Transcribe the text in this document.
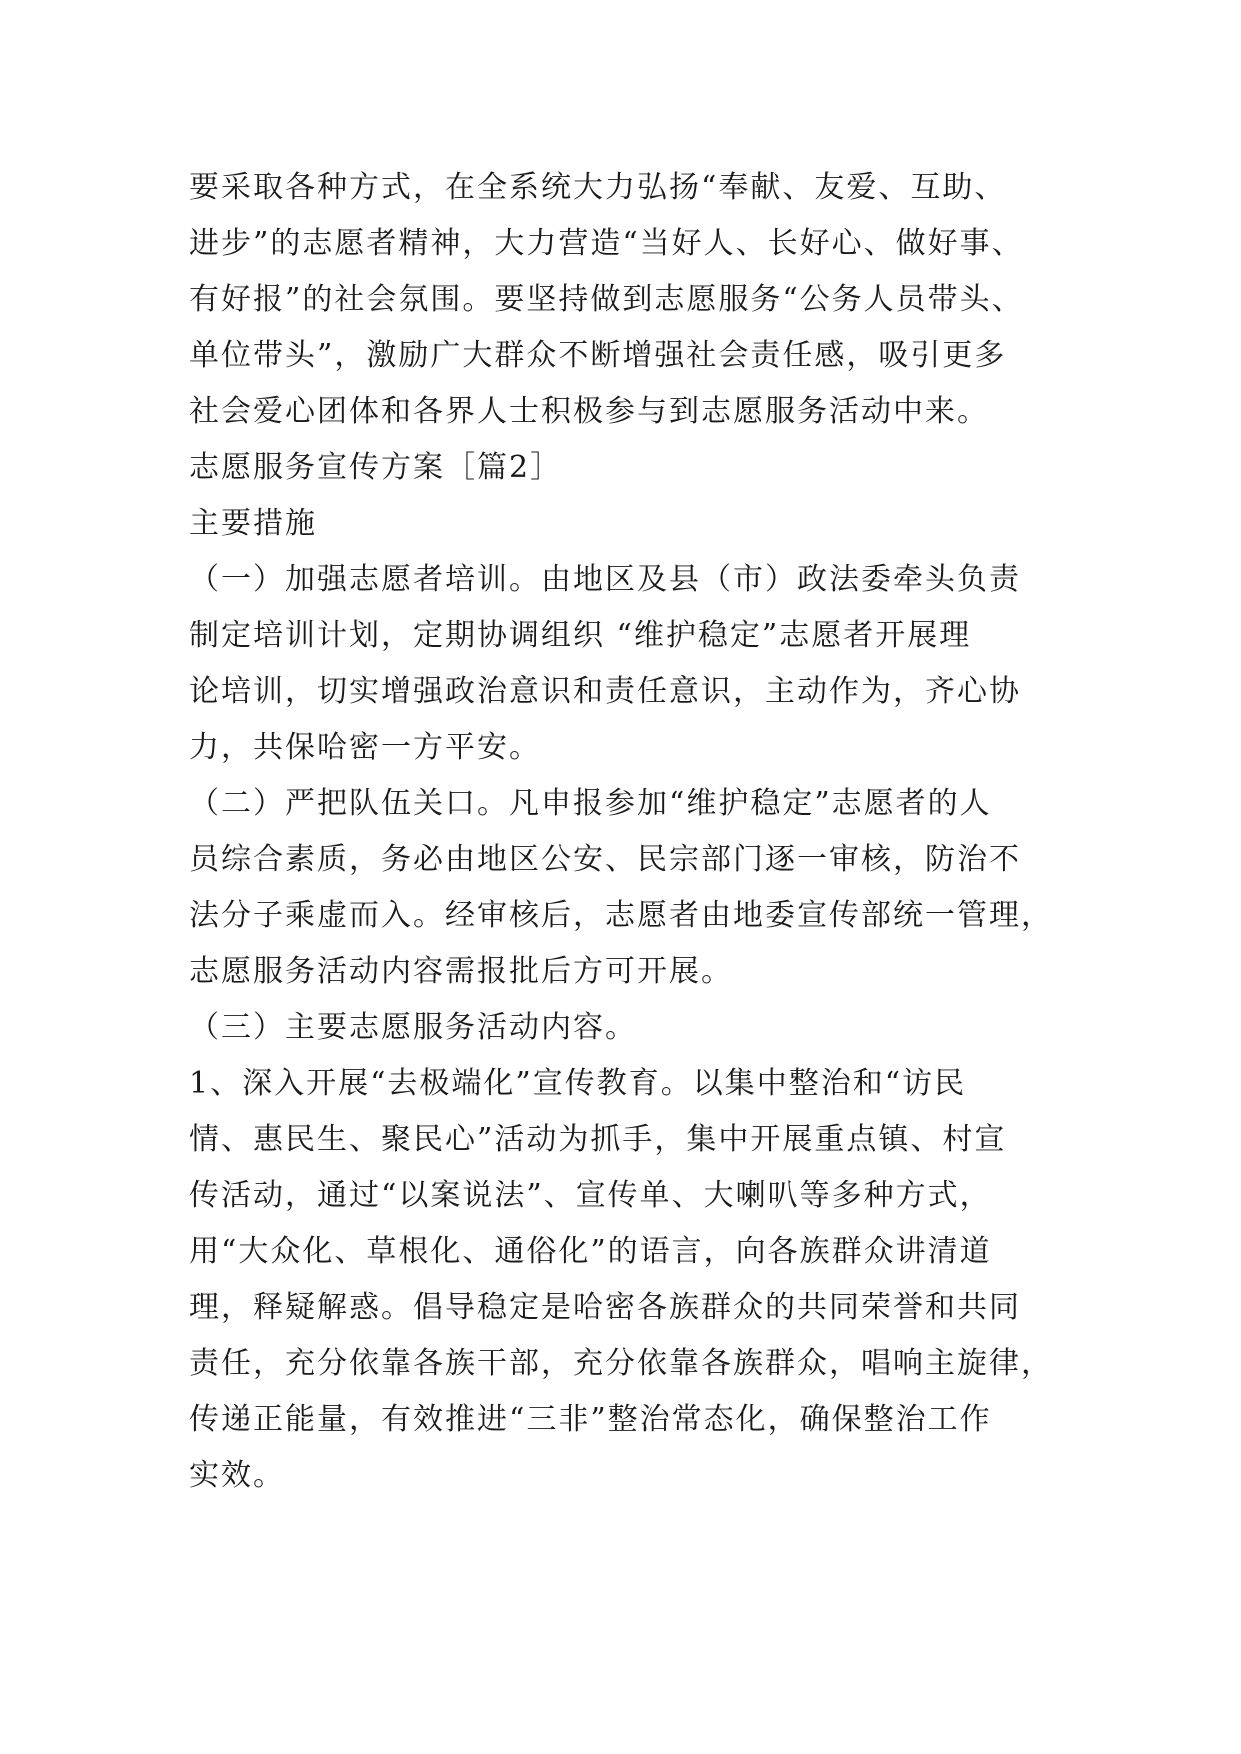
要采取各种方式，在全系统大力弘扬“奉献、友爱、互助、

进步”的志愿者精神，大力营造“当好人、长好心、做好事、

有好报”的社会氛围。要坚持做到志愿服务“公务人员带头、

单位带头”，激励广大群众不断增强社会责任感，吸引更多

社会爱心团体和各界人士积极参与到志愿服务活动中来。

志愿服务宣传方案［篇2］

主要措施

（一）加强志愿者培训。由地区及县（市）政法委牵头负责

制定培训计划，定期协调组织 “维护稳定”志愿者开展理

论培训，切实增强政治意识和责任意识，主动作为，齐心协

力，共保哈密一方平安。

（二）严把队伍关口。凡申报参加“维护稳定”志愿者的人

员综合素质，务必由地区公安、民宗部门逐一审核，防治不

法分子乘虚而入。经审核后，志愿者由地委宣传部统一管理，

志愿服务活动内容需报批后方可开展。

（三）主要志愿服务活动内容。

1、深入开展“去极端化”宣传教育。以集中整治和“访民

情、惠民生、聚民心”活动为抓手，集中开展重点镇、村宣

传活动，通过“以案说法”、宣传单、大喇叭等多种方式，

用“大众化、草根化、通俗化”的语言，向各族群众讲清道

理，释疑解惑。倡导稳定是哈密各族群众的共同荣誉和共同

责任，充分依靠各族干部，充分依靠各族群众，唱响主旋律，

传递正能量，有效推进“三非”整治常态化，确保整治工作

实效。
